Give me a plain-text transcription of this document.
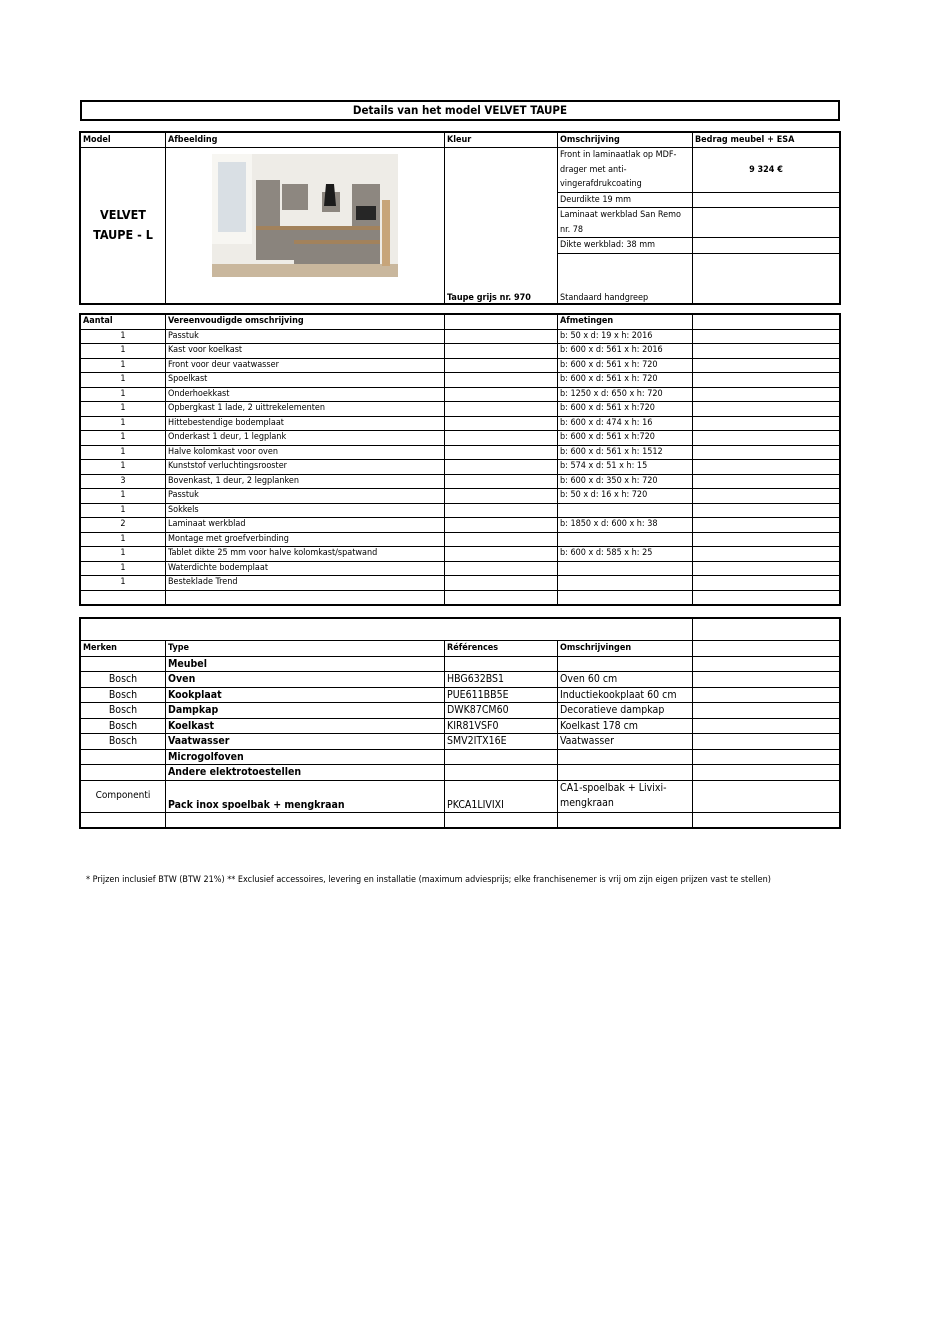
Details van het model VELVET TAUPE
Model	Afbeelding	Kleur	Omschrijving	Bedrag meubel + ESA
VELVET TAUPE - L		Taupe grijs nr. 970	Front in laminaatlak op MDF-drager met anti-vingerafdrukcoating	9 324 €
			Deurdikte 19 mm	
			Laminaat werkblad San Remo nr. 78	
			Dikte werkblad: 38 mm	
			Standaard handgreep	
Aantal	Vereenvoudigde omschrijving		Afmetingen	
1	Passtuk		b: 50 x d: 19 x h: 2016	
1	Kast voor koelkast		b: 600 x d: 561 x h: 2016	
1	Front voor deur vaatwasser		b: 600 x d: 561 x h: 720	
1	Spoelkast		b: 600 x d: 561 x h: 720	
1	Onderhoekkast		b: 1250 x d: 650 x h: 720	
1	Opbergkast 1 lade, 2 uittrekelementen		b: 600 x d: 561 x h:720	
1	Hittebestendige bodemplaat		b: 600 x d: 474 x h: 16	
1	Onderkast 1 deur, 1 legplank		b: 600 x d: 561 x h:720	
1	Halve kolomkast voor oven		b: 600 x d: 561 x h: 1512	
1	Kunststof verluchtingsrooster		b: 574 x d: 51 x h: 15	
3	Bovenkast, 1 deur, 2 legplanken		b: 600 x d: 350 x h: 720	
1	Passtuk		b: 50 x d: 16 x h: 720	
1	Sokkels			
2	Laminaat werkblad		b: 1850 x d: 600 x h: 38	
1	Montage met groefverbinding			
1	Tablet dikte 25 mm voor halve kolomkast/spatwand		b: 600 x d: 585 x h: 25	
1	Waterdichte bodemplaat			
1	Besteklade Trend			

Merken	Type	Références	Omschrijvingen	
	Meubel			
Bosch	Oven	HBG632BS1	Oven 60 cm	
Bosch	Kookplaat	PUE611BB5E	Inductiekookplaat 60 cm	
Bosch	Dampkap	DWK87CM60	Decoratieve dampkap	
Bosch	Koelkast	KIR81VSF0	Koelkast 178 cm	
Bosch	Vaatwasser	SMV2ITX16E	Vaatwasser	
	Microgolfoven			
	Andere elektrotoestellen			
Componenti	Pack inox spoelbak + mengkraan	PKCA1LIVIXI	CA1-spoelbak + Livixi-mengkraan	

* Prijzen inclusief BTW (BTW 21%) ** Exclusief accessoires, levering en installatie (maximum adviesprijs; elke franchisenemer is vrij om zijn eigen prijzen vast te stellen)
